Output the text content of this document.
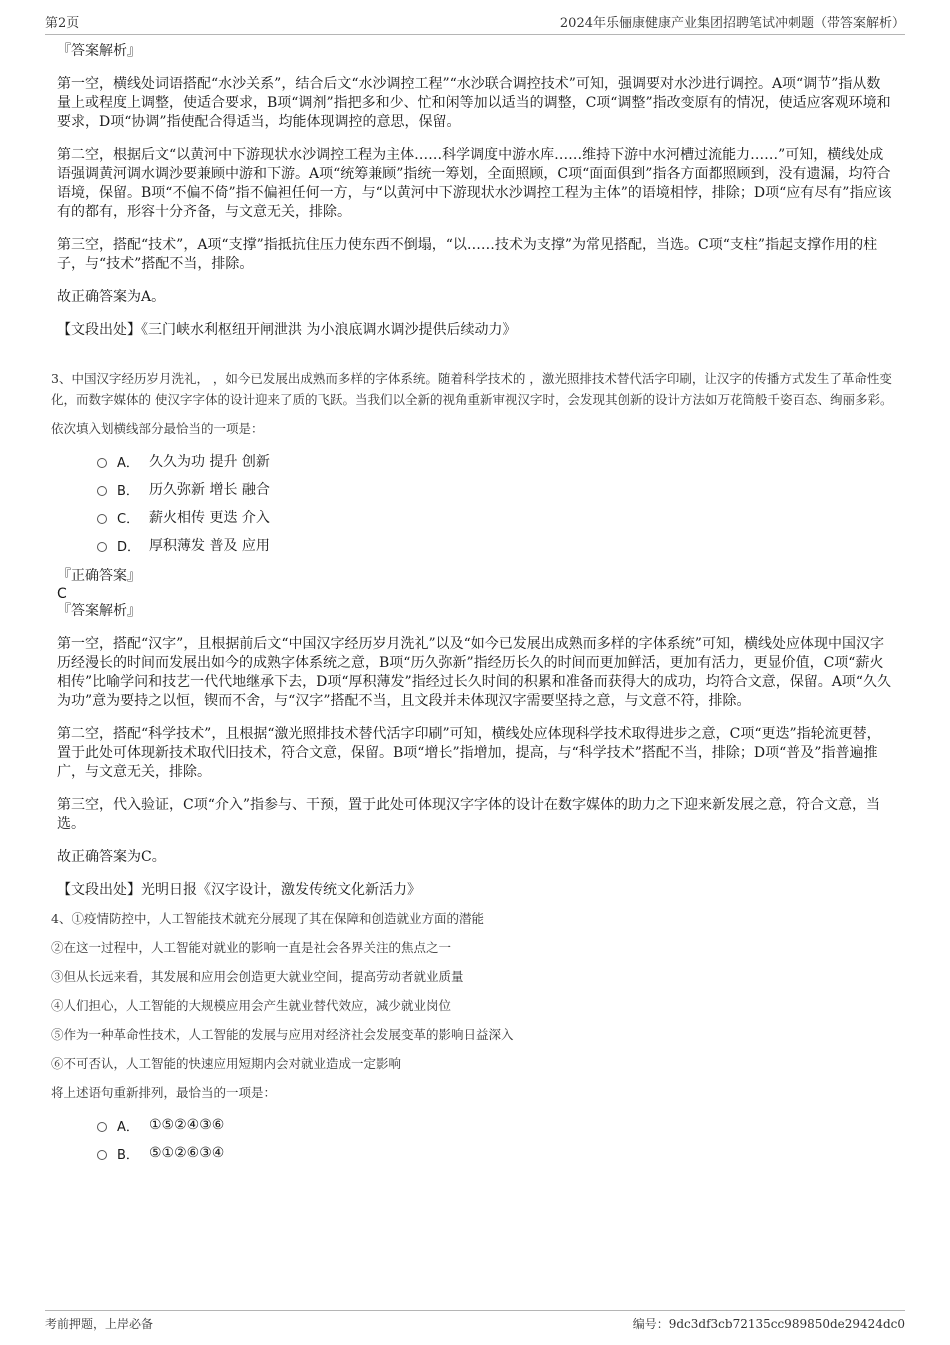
第2页	2024年乐俪康健康产业集团招聘笔试冲刺题（带答案解析）

『答案解析』

第一空，横线处词语搭配“水沙关系”，结合后文“水沙调控工程”“水沙联合调控技术”可知，强调要对水沙进行调控。A项“调节”指从数量上或程度上调整，使适合要求，B项“调剂”指把多和少、忙和闲等加以适当的调整，C项“调整”指改变原有的情况，使适应客观环境和要求，D项“协调”指使配合得适当，均能体现调控的意思，保留。

第二空，根据后文“以黄河中下游现状水沙调控工程为主体……科学调度中游水库……维持下游中水河槽过流能力……”可知，横线处成语强调黄河调水调沙要兼顾中游和下游。A项“统筹兼顾”指统一筹划，全面照顾，C项“面面俱到”指各方面都照顾到，没有遗漏，均符合语境，保留。B项“不偏不倚”指不偏袒任何一方，与“以黄河中下游现状水沙调控工程为主体”的语境相悖，排除；D项“应有尽有”指应该有的都有，形容十分齐备，与文意无关，排除。

第三空，搭配“技术”，A项“支撑”指抵抗住压力使东西不倒塌，“以……技术为支撑”为常见搭配，当选。C项“支柱”指起支撑作用的柱子，与“技术”搭配不当，排除。

故正确答案为A。

【文段出处】《三门峡水利枢纽开闸泄洪 为小浪底调水调沙提供后续动力》

3、中国汉字经历岁月洗礼， ，如今已发展出成熟而多样的字体系统。随着科学技术的 ，激光照排技术替代活字印刷，让汉字的传播方式发生了革命性变化，而数字媒体的 使汉字字体的设计迎来了质的飞跃。当我们以全新的视角重新审视汉字时，会发现其创新的设计方法如万花筒般千姿百态、绚丽多彩。

依次填入划横线部分最恰当的一项是：

A． 久久为功 提升 创新
B． 历久弥新 增长 融合
C． 薪火相传 更迭 介入
D． 厚积薄发 普及 应用

『正确答案』

C

『答案解析』

第一空，搭配“汉字”，且根据前后文“中国汉字经历岁月洗礼”以及“如今已发展出成熟而多样的字体系统”可知，横线处应体现中国汉字历经漫长的时间而发展出如今的成熟字体系统之意，B项“历久弥新”指经历长久的时间而更加鲜活，更加有活力，更显价值，C项“薪火相传”比喻学问和技艺一代代地继承下去，D项“厚积薄发”指经过长久时间的积累和准备而获得大的成功，均符合文意，保留。A项“久久为功”意为要持之以恒，锲而不舍，与“汉字”搭配不当，且文段并未体现汉字需要坚持之意，与文意不符，排除。

第二空，搭配“科学技术”，且根据“激光照排技术替代活字印刷”可知，横线处应体现科学技术取得进步之意，C项“更迭”指轮流更替，置于此处可体现新技术取代旧技术，符合文意，保留。B项“增长”指增加，提高，与“科学技术”搭配不当，排除；D项“普及”指普遍推广，与文意无关，排除。

第三空，代入验证，C项“介入”指参与、干预，置于此处可体现汉字字体的设计在数字媒体的助力之下迎来新发展之意，符合文意，当选。

故正确答案为C。

【文段出处】光明日报《汉字设计，激发传统文化新活力》

4、①疫情防控中，人工智能技术就充分展现了其在保障和创造就业方面的潜能

②在这一过程中，人工智能对就业的影响一直是社会各界关注的焦点之一

③但从长远来看，其发展和应用会创造更大就业空间，提高劳动者就业质量

④人们担心，人工智能的大规模应用会产生就业替代效应，减少就业岗位

⑤作为一种革命性技术，人工智能的发展与应用对经济社会发展变革的影响日益深入

⑥不可否认，人工智能的快速应用短期内会对就业造成一定影响

将上述语句重新排列，最恰当的一项是：

A． ①⑤②④③⑥
B． ⑤①②⑥③④
考前押题，上岸必备	编号：9dc3df3cb72135cc989850de29424dc0
